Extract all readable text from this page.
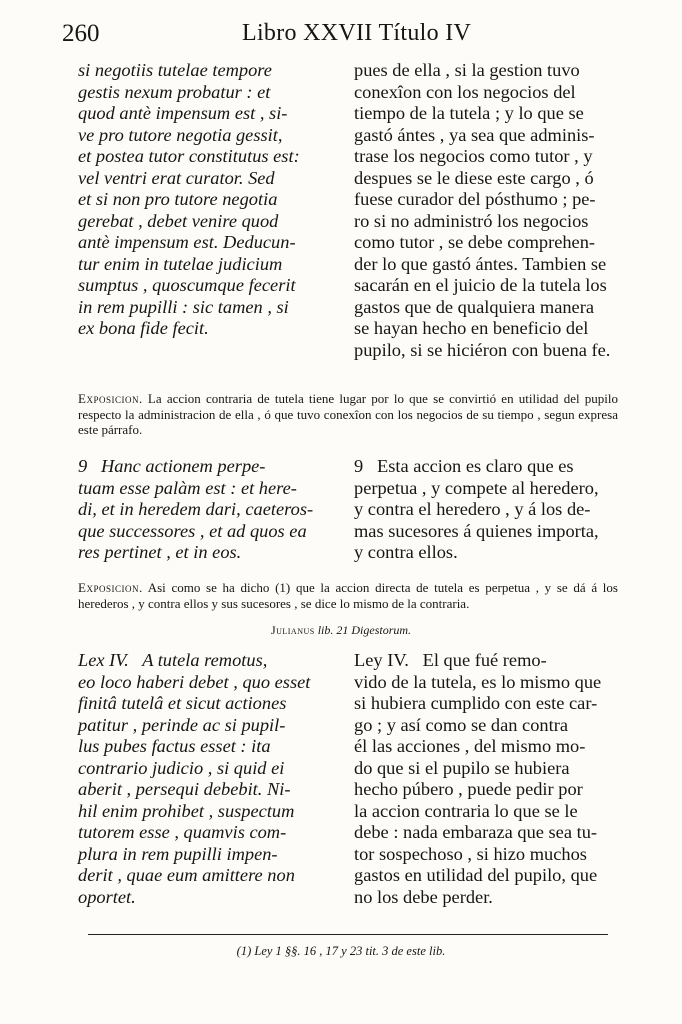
260	Libro XXVII Título IV
si negotiis tutelae tempore
gestis nexum probatur : et
quod antè impensum est , si-
ve pro tutore negotia gessit,
et postea tutor constitutus est:
vel ventri erat curator. Sed
et si non pro tutore negotia
gerebat , debet venire quod
antè impensum est. Deducun-
tur enim in tutelae judicium
sumptus , quoscumque fecerit
in rem pupilli : sic tamen , si
ex bona fide fecit.
pues de ella , si la gestion tuvo
conexîon con los negocios del
tiempo de la tutela ; y lo que se
gastó ántes , ya sea que adminis-
trase los negocios como tutor , y
despues se le diese este cargo , ó
fuese curador del pósthumo ; pe-
ro si no administró los negocios
como tutor , se debe comprehen-
der lo que gastó ántes. Tambien se
sacarán en el juicio de la tutela los
gastos que de qualquiera manera
se hayan hecho en beneficio del
pupilo, si se hiciéron con buena fe.
Exposicion. La accion contraria de tutela tiene lugar por lo que se convirtió en utilidad del pupilo respecto la administracion de ella , ó que tuvo conexîon con los negocios de su tiempo , segun expresa este párrafo.
9   Hanc actionem perpe-
tuam esse palàm est : et here-
di, et in heredem dari, caeteros-
que successores , et ad quos ea
res pertinet , et in eos.
9   Esta accion es claro que es
perpetua , y compete al heredero,
y contra el heredero , y á los de-
mas sucesores á quienes importa,
y contra ellos.
Exposicion. Asi como se ha dicho (1) que la accion directa de tutela es perpetua , y se dá á los herederos , y contra ellos y sus sucesores , se dice lo mismo de la contraria.
Julianus lib. 21 Digestorum.
Lex IV.   A tutela remotus,
eo loco haberi debet , quo esset
finitâ tutelâ et sicut actiones
patitur , perinde ac si pupil-
lus pubes factus esset : ita
contrario judicio , si quid ei
aberit , persequi debebit. Ni-
hil enim prohibet , suspectum
tutorem esse , quamvis com-
plura in rem pupilli impen-
derit , quae eum amittere non
oportet.
Ley IV.   El que fué remo-
vido de la tutela, es lo mismo que
si hubiera cumplido con este car-
go ; y así como se dan contra
él las acciones , del mismo mo-
do que si el pupilo se hubiera
hecho púbero , puede pedir por
la accion contraria lo que se le
debe : nada embaraza que sea tu-
tor sospechoso , si hizo muchos
gastos en utilidad del pupilo, que
no los debe perder.
(1) Ley 1 §§. 16 , 17 y 23 tit. 3 de este lib.
